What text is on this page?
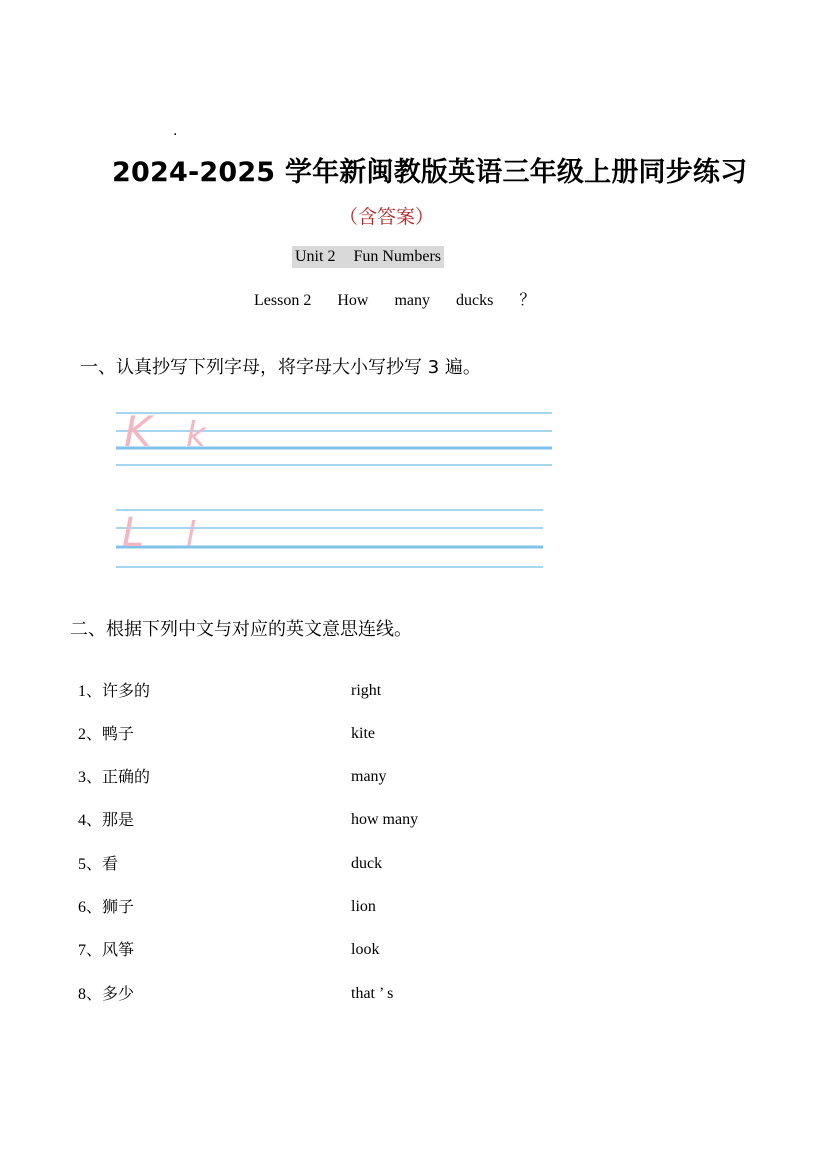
.
2024-2025 学年新闽教版英语三年级上册同步练习
（含答案）
Unit 2 Fun Numbers
Lesson 2 How many ducks ？
一、认真抄写下列字母，将字母大小写抄写 3 遍。
K k
L l
二、根据下列中文与对应的英文意思连线。
1、许多的	right
2、鸭子	kite
3、正确的	many
4、那是	how many
5、看	duck
6、狮子	lion
7、风筝	look
8、多少	that ’ s
